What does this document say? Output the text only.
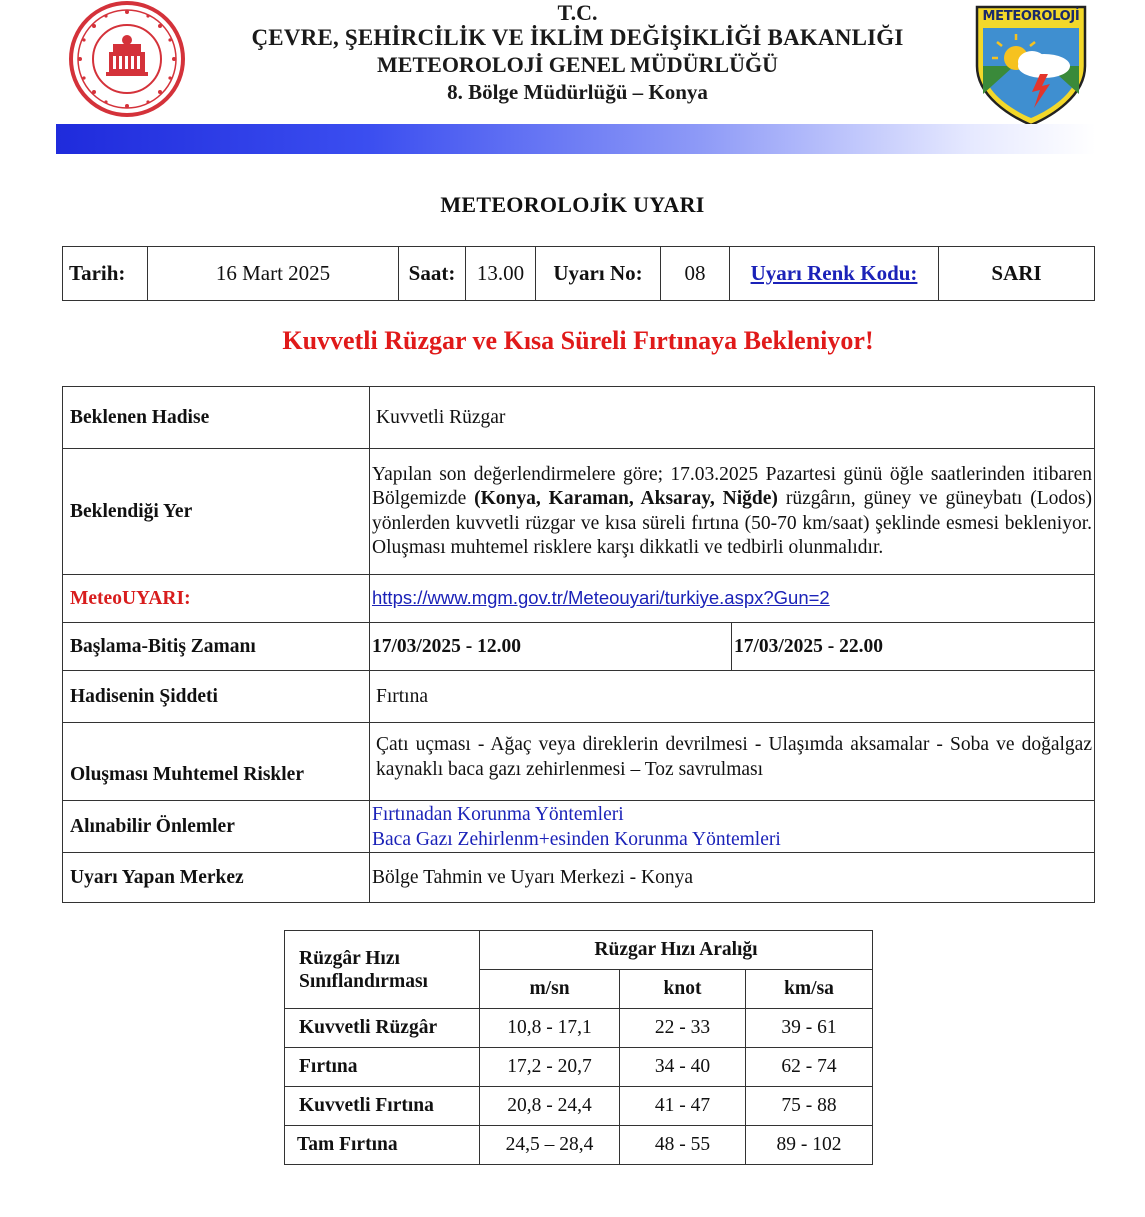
T.C.
ÇEVRE, ŞEHİRCİLİK VE İKLİM DEĞİŞİKLİĞİ BAKANLIĞI
METEOROLOJİ GENEL MÜDÜRLÜĞÜ
8. Bölge Müdürlüğü – Konya
METEOROLOJİ
METEOROLOJİK UYARI
Tarih:	16 Mart 2025	Saat:	13.00	Uyarı No:	08	Uyarı Renk Kodu:	SARI
Kuvvetli Rüzgar ve Kısa Süreli Fırtınaya Bekleniyor!
Beklenen Hadise	Kuvvetli Rüzgar	
Beklendiği Yer	Yapılan son değerlendirmelere göre; 17.03.2025 Pazartesi günü öğle saatlerinden itibaren Bölgemizde (Konya, Karaman, Aksaray, Niğde) rüzgârın, güney ve güneybatı (Lodos) yönlerden kuvvetli rüzgar ve kısa süreli fırtına (50-70 km/saat) şeklinde esmesi bekleniyor. Oluşması muhtemel risklere karşı dikkatli ve tedbirli olunmalıdır.	
MeteoUYARI:	https://www.mgm.gov.tr/Meteouyari/turkiye.aspx?Gun=2	
Başlama-Bitiş Zamanı	17/03/2025 - 12.00	17/03/2025 - 22.00
Hadisenin Şiddeti	Fırtına	
Oluşması Muhtemel Riskler	Çatı uçması - Ağaç veya direklerin devrilmesi - Ulaşımda aksamalar - Soba ve doğalgaz kaynaklı baca gazı zehirlenmesi – Toz savrulması	
Alınabilir Önlemler	Fırtınadan Korunma Yöntemleri
Baca Gazı Zehirlenm+esinden Korunma Yöntemleri	

Uyarı Yapan Merkez	Bölge Tahmin ve Uyarı Merkezi - Konya	
Rüzgâr Hızı
Sınıflandırması	Rüzgar Hızı Aralığı		
	m/sn	knot	km/sa
Kuvvetli Rüzgâr	10,8 - 17,1	22 - 33	39 - 61
Fırtına	17,2 - 20,7	34 - 40	62 - 74
Kuvvetli Fırtına	20,8 - 24,4	41 - 47	75 - 88
Tam Fırtına	24,5 – 28,4	48 - 55	89 - 102
